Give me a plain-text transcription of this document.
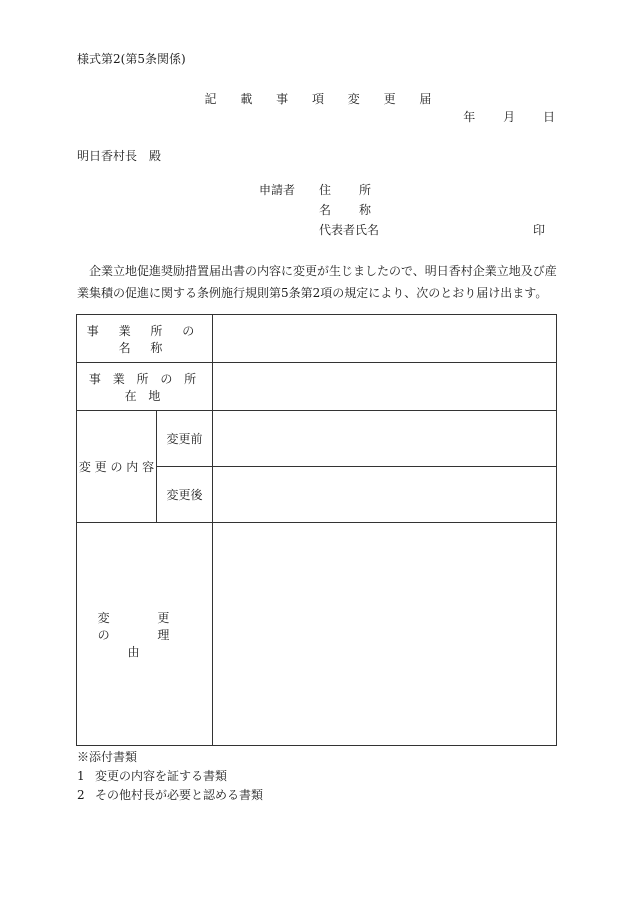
様式第2(第5条関係)
記 載 事 項 変 更 届
年 月 日
明日香村長　殿
申請者 住所
名称
代表者氏名	印
企業立地促進奨励措置届出書の内容に変更が生じましたので、明日香村企業立地及び産業集積の促進に関する条例施行規則第5条第2項の規定により、次のとおり届け出ます。
事 業 所 の 名 称		
事 業 所 の 所 在 地		
変 更 の 内 容	変更前	
	変更後	
変 更 の 理 由		
※添付書類
1 変更の内容を証する書類
2 その他村長が必要と認める書類
